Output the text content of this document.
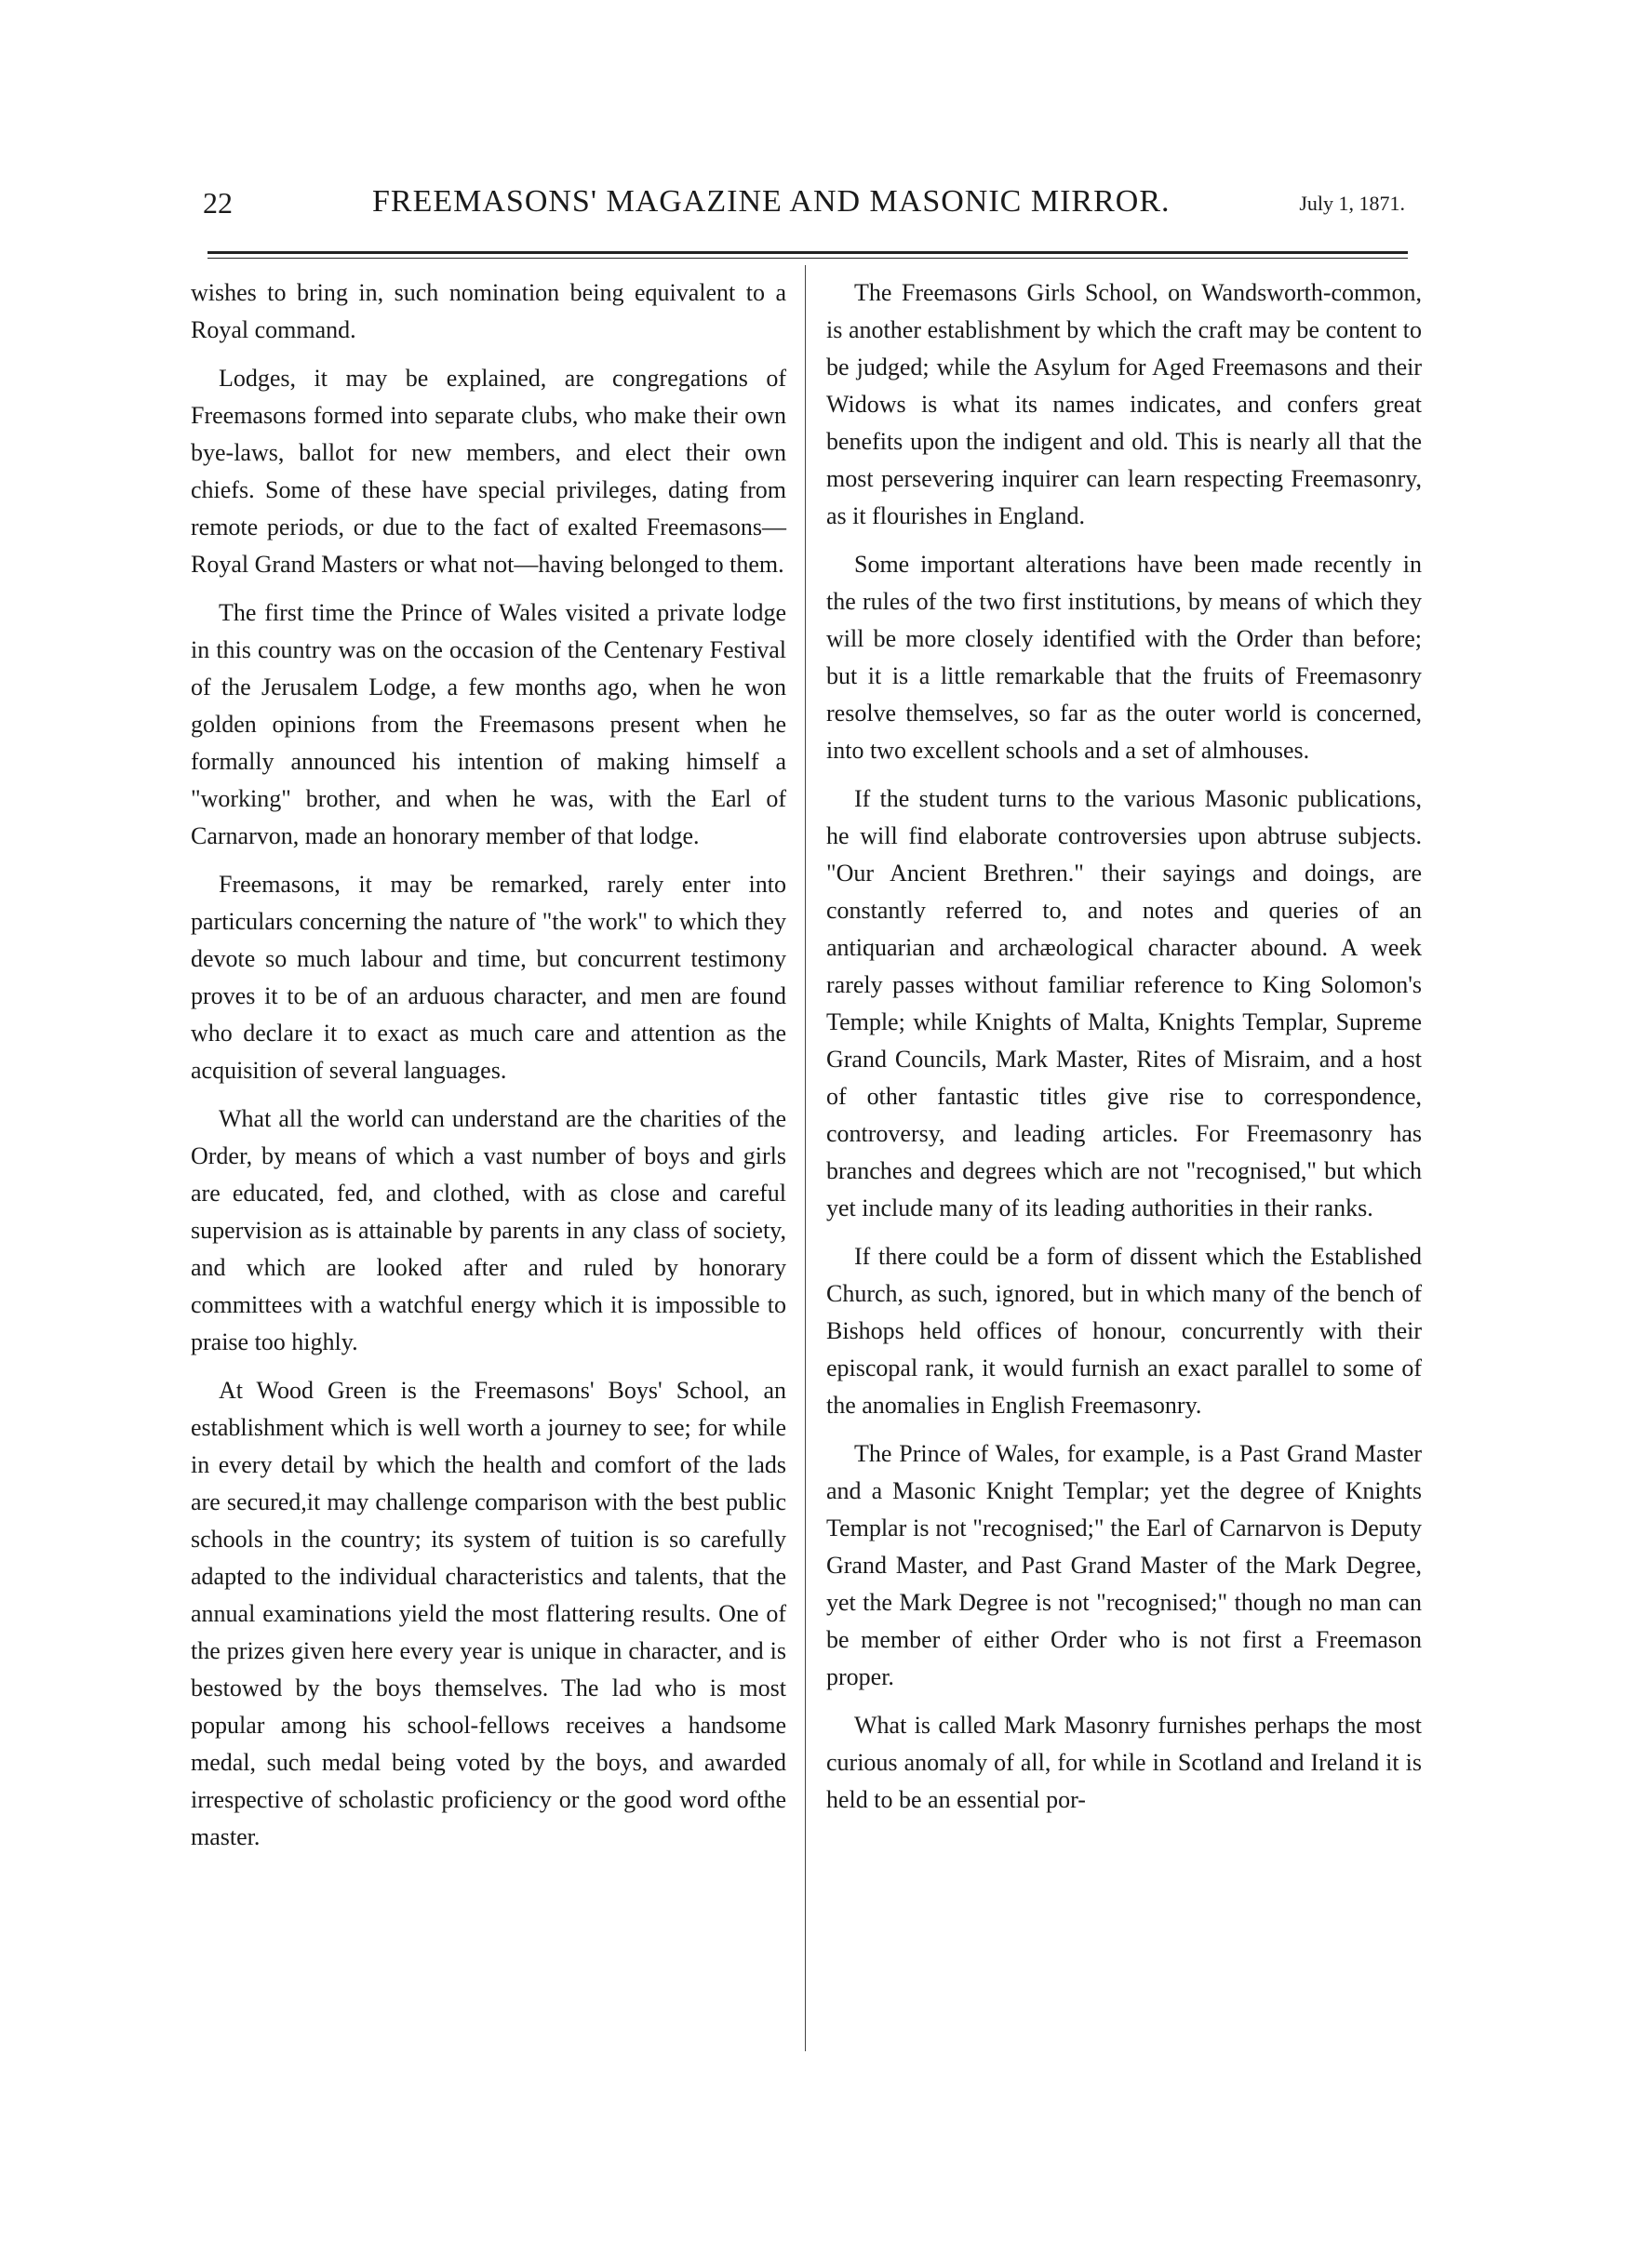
22	FREEMASONS' MAGAZINE AND MASONIC MIRROR.	July 1, 1871.

wishes to bring in, such nomination being equivalent to a Royal command.

Lodges, it may be explained, are congregations of Freemasons formed into separate clubs, who make their own bye-laws, ballot for new members, and elect their own chiefs. Some of these have special privileges, dating from remote periods, or due to the fact of exalted Freemasons—Royal Grand Masters or what not—having belonged to them.

The first time the Prince of Wales visited a private lodge in this country was on the occasion of the Centenary Festival of the Jerusalem Lodge, a few months ago, when he won golden opinions from the Freemasons present when he formally announced his intention of making himself a "working" brother, and when he was, with the Earl of Carnarvon, made an honorary member of that lodge.

Freemasons, it may be remarked, rarely enter into particulars concerning the nature of "the work" to which they devote so much labour and time, but concurrent testimony proves it to be of an arduous character, and men are found who declare it to exact as much care and attention as the acquisition of several languages.

What all the world can understand are the charities of the Order, by means of which a vast number of boys and girls are educated, fed, and clothed, with as close and careful supervision as is attainable by parents in any class of society, and which are looked after and ruled by honorary committees with a watchful energy which it is impossible to praise too highly.

At Wood Green is the Freemasons' Boys' School, an establishment which is well worth a journey to see; for while in every detail by which the health and comfort of the lads are secured,it may challenge comparison with the best public schools in the country; its system of tuition is so carefully adapted to the individual characteristics and talents, that the annual examinations yield the most flattering results. One of the prizes given here every year is unique in character, and is bestowed by the boys themselves. The lad who is most popular among his school-fellows receives a handsome medal, such medal being voted by the boys, and awarded irrespective of scholastic proficiency or the good word ofthe master.

The Freemasons Girls School, on Wandsworth-common, is another establishment by which the craft may be content to be judged; while the Asylum for Aged Freemasons and their Widows is what its names indicates, and confers great benefits upon the indigent and old. This is nearly all that the most persevering inquirer can learn respecting Freemasonry, as it flourishes in England.

Some important alterations have been made recently in the rules of the two first institutions, by means of which they will be more closely identified with the Order than before; but it is a little remarkable that the fruits of Freemasonry resolve themselves, so far as the outer world is concerned, into two excellent schools and a set of almhouses.

If the student turns to the various Masonic publications, he will find elaborate controversies upon abtruse subjects. "Our Ancient Brethren." their sayings and doings, are constantly referred to, and notes and queries of an antiquarian and archæological character abound. A week rarely passes without familiar reference to King Solomon's Temple; while Knights of Malta, Knights Templar, Supreme Grand Councils, Mark Master, Rites of Misraim, and a host of other fantastic titles give rise to correspondence, controversy, and leading articles. For Freemasonry has branches and degrees which are not "recognised," but which yet include many of its leading authorities in their ranks.

If there could be a form of dissent which the Established Church, as such, ignored, but in which many of the bench of Bishops held offices of honour, concurrently with their episcopal rank, it would furnish an exact parallel to some of the anomalies in English Freemasonry.

The Prince of Wales, for example, is a Past Grand Master and a Masonic Knight Templar; yet the degree of Knights Templar is not "recognised;" the Earl of Carnarvon is Deputy Grand Master, and Past Grand Master of the Mark Degree, yet the Mark Degree is not "recognised;" though no man can be member of either Order who is not first a Freemason proper.

What is called Mark Masonry furnishes perhaps the most curious anomaly of all, for while in Scotland and Ireland it is held to be an essential por-
